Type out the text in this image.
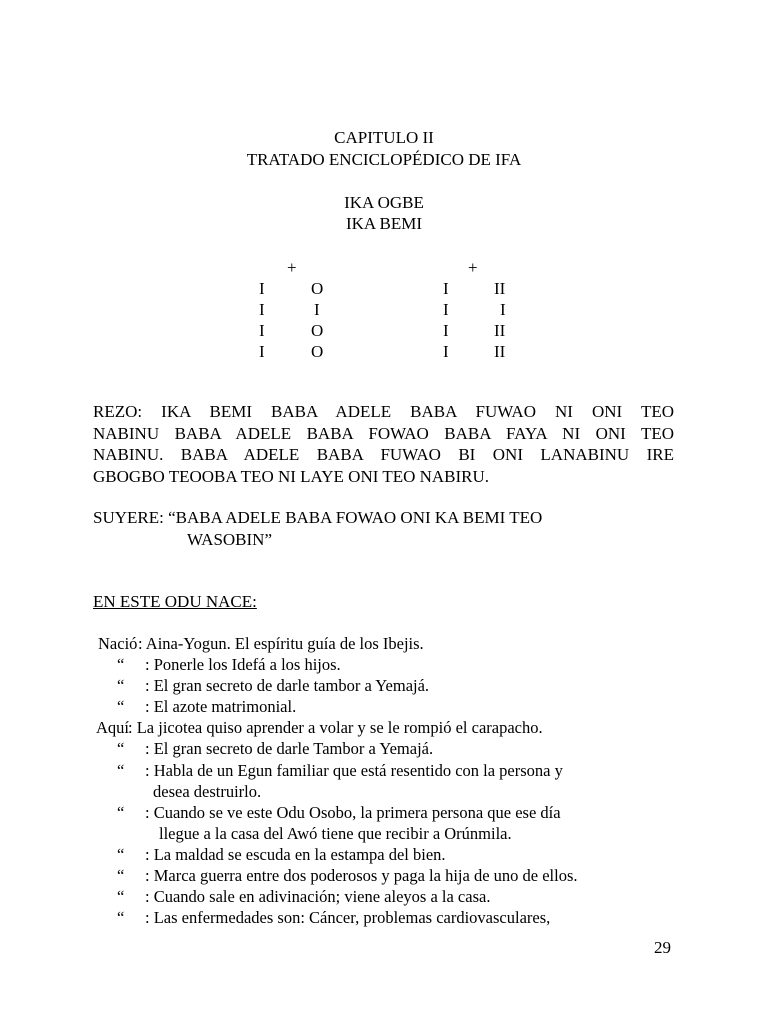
CAPITULO II
TRATADO ENCICLOPÉDICO DE IFA
IKA OGBE
IKA BEMI
+	+
I	O	I	II
I	I	I	I
I	O	I	II
I	O	I	II
REZO: IKA BEMI BABA ADELE BABA FUWAO NI ONI TEO
NABINU BABA ADELE BABA FOWAO BABA FAYA NI ONI TEO
NABINU. BABA ADELE BABA FUWAO BI ONI LANABINU IRE
GBOGBO TEOOBA TEO NI LAYE ONI TEO NABIRU.
SUYERE: “BABA ADELE BABA FOWAO ONI KA BEMI TEO
WASOBIN”
EN ESTE ODU NACE:
Nació : Aina-Yogun. El espíritu guía de los Ibejis.
“ : Ponerle los Idefá a los hijos.
“ : El gran secreto de darle tambor a Yemajá.
“ : El azote matrimonial.
Aquí : La jicotea quiso aprender a volar y se le rompió el carapacho.
“ : El gran secreto de darle Tambor a Yemajá.
“ : Habla de un Egun familiar que está resentido con la persona y
desea destruirlo.
“ : Cuando se ve este Odu Osobo, la primera persona que ese día
llegue a la casa del Awó tiene que recibir a Orúnmila.
“ : La maldad se escuda en la estampa del bien.
“ : Marca guerra entre dos poderosos y paga la hija de uno de ellos.
“ : Cuando sale en adivinación; viene aleyos a la casa.
“ : Las enfermedades son: Cáncer, problemas cardiovasculares,
29
